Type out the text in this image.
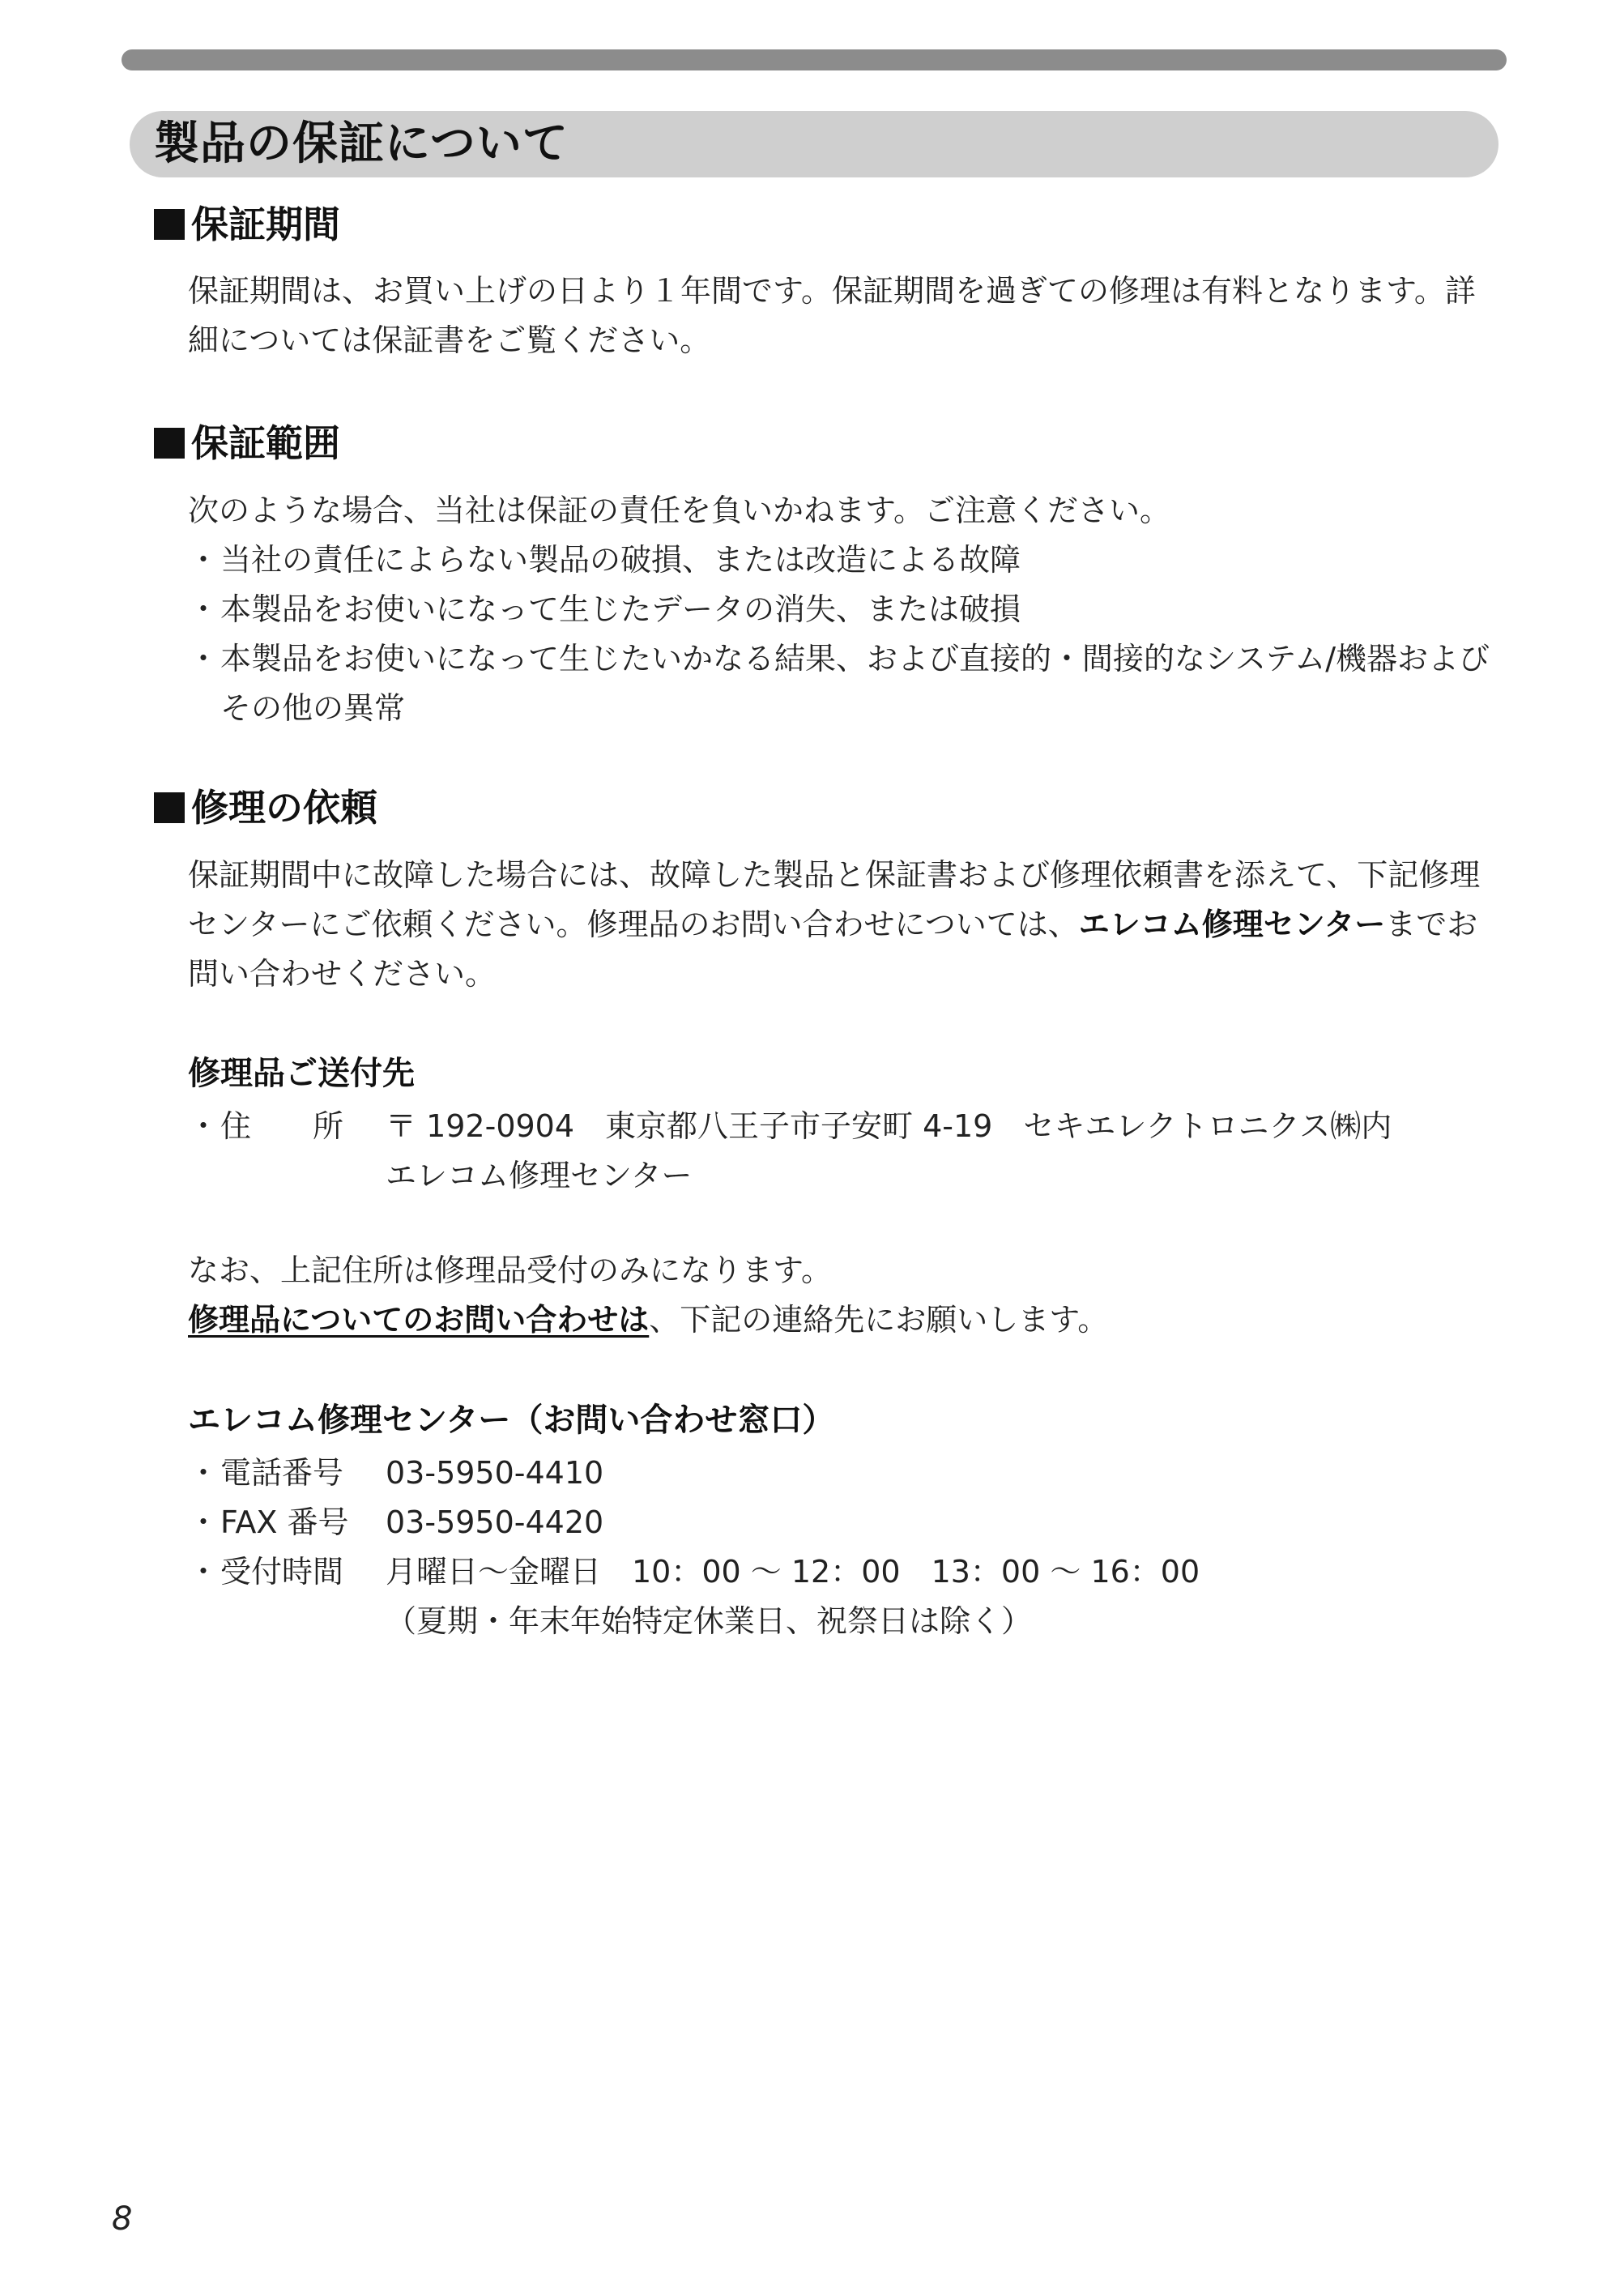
製品の保証について
保証期間

保証期間は、お買い上げの日より１年間です。保証期間を過ぎての修理は有料となります。詳細については保証書をご覧ください。

保証範囲

次のような場合、当社は保証の責任を負いかねます。ご注意ください。

・ 当社の責任によらない製品の破損、または改造による故障
・ 本製品をお使いになって生じたデータの消失、または破損
・ 本製品をお使いになって生じたいかなる結果、および直接的・間接的なシステム/機器およびその他の異常
修理の依頼

保証期間中に故障した場合には、故障した製品と保証書および修理依頼書を添えて、下記修理センターにご依頼ください。修理品のお問い合わせについては、エレコム修理センターまでお問い合わせください。

修理品ご送付先

・住　　所 〒 192-0904　東京都八王子市子安町 4-19　セキエレクトロニクス㈱内

エレコム修理センター

なお、上記住所は修理品受付のみになります。

修理品についてのお問い合わせは、下記の連絡先にお願いします。

エレコム修理センター（お問い合わせ窓口）

・電話番号 03-5950-4410

・FAX 番号 03-5950-4420

・受付時間 月曜日～金曜日　10：00 ～ 12：00　13：00 ～ 16：00

（夏期・年末年始特定休業日、祝祭日は除く）

8
